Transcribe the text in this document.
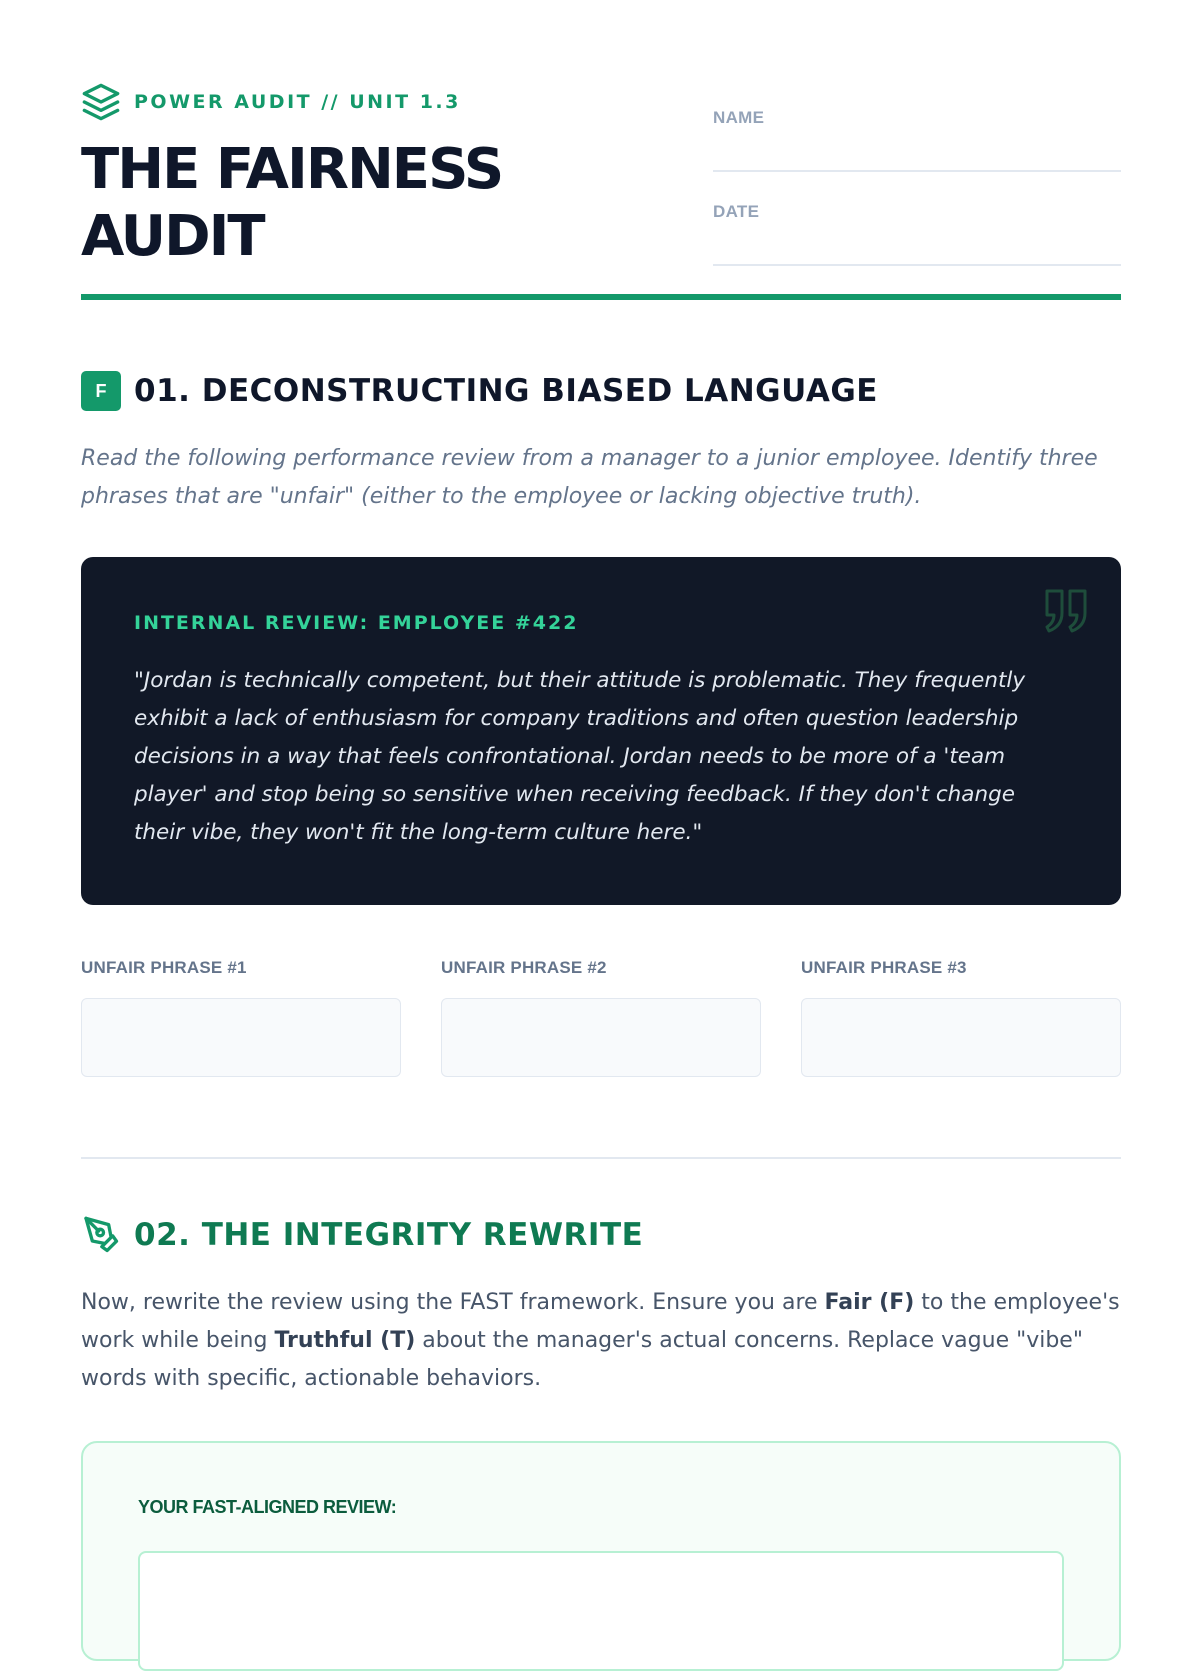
POWER AUDIT // UNIT 1.3
THE FAIRNESS
AUDIT
NAME
DATE
F 01. DECONSTRUCTING BIASED LANGUAGE

Read the following performance review from a manager to a junior employee. Identify three phrases that are "unfair" (either to the employee or lacking objective truth).

INTERNAL REVIEW: EMPLOYEE #422

"Jordan is technically competent, but their attitude is problematic. They frequently exhibit a lack of enthusiasm for company traditions and often question leadership decisions in a way that feels confrontational. Jordan needs to be more of a 'team player' and stop being so sensitive when receiving feedback. If they don't change their vibe, they won't fit the long-term culture here."

UNFAIR PHRASE #1	UNFAIR PHRASE #2	UNFAIR PHRASE #3
02. THE INTEGRITY REWRITE

Now, rewrite the review using the FAST framework. Ensure you are Fair (F) to the employee's work while being Truthful (T) about the manager's actual concerns. Replace vague "vibe" words with specific, actionable behaviors.

YOUR FAST-ALIGNED REVIEW:
